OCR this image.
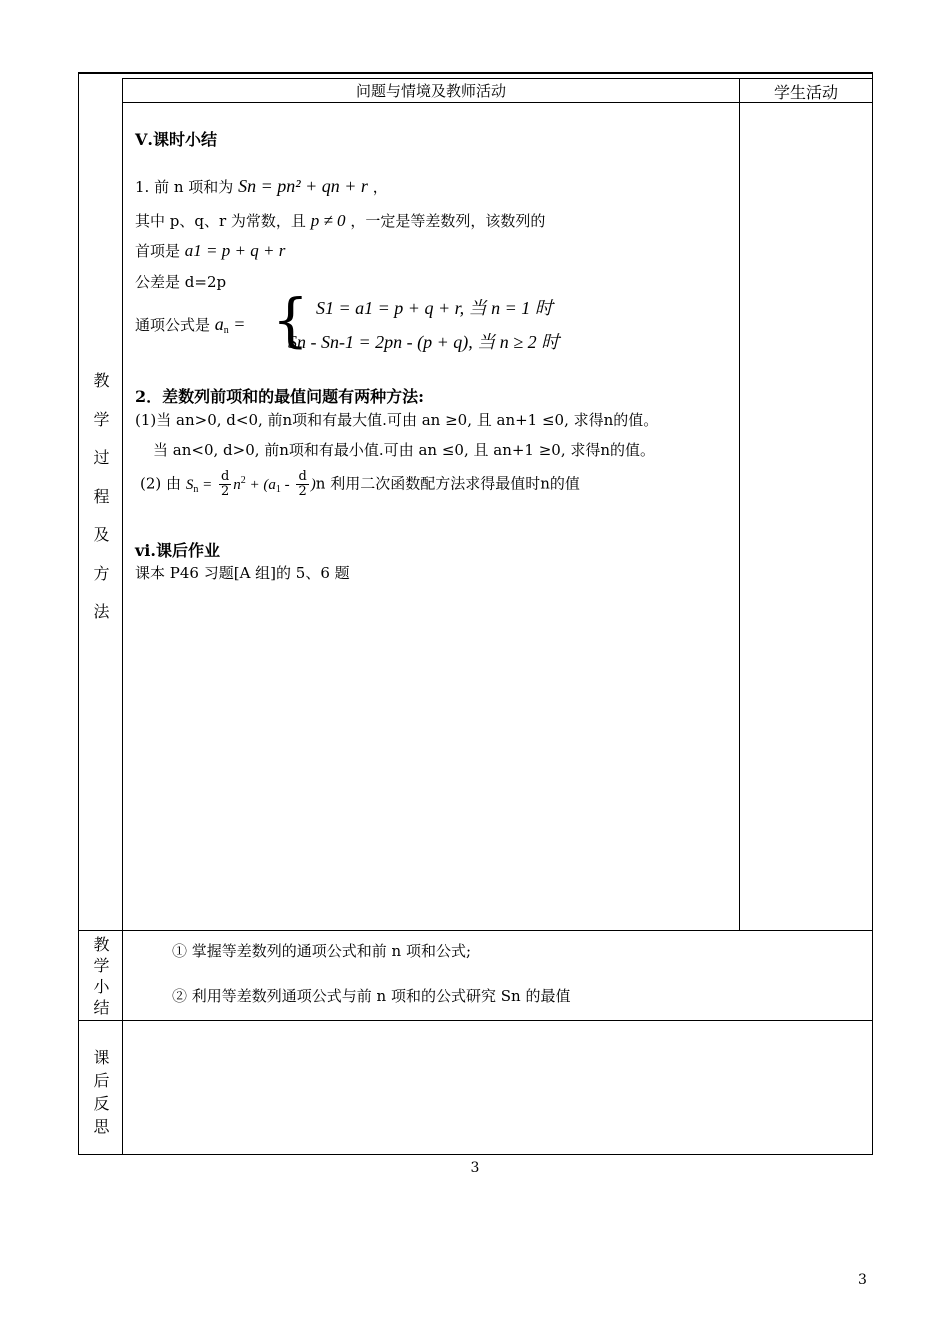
问题与情境及教师活动	学生活动
教
学
过
程
及
方
法
教
学
小
结
课
后
反
思
Ⅴ.课时小结
1. 前 n 项和为 Sn = pn² + qn + r ，
其中 p、q、r 为常数，且 p ≠ 0 ，一定是等差数列，该数列的
首项是 a1 = p + q + r
公差是 d=2p
通项公式是 $a_n$ = { S1 = a1 = p + q + r, 当 n = 1 时
Sn - Sn-1 = 2pn - (p + q), 当 n ≥ 2 时
2．差数列前项和的最值问题有两种方法:
(1)当 an>0, d<0, 前n项和有最大值.可由 an ≥0, 且 an+1 ≤0, 求得n的值。
当 an<0, d>0, 前n项和有最小值.可由 an ≤0, 且 an+1 ≥0, 求得n的值。
(2) 由 $S_n = \frac{d}{2} n^2 + (a_1 - \frac{d}{2} )n$ 利用二次函数配方法求得最值时n的值
ⅵ.课后作业
课本 P46 习题[A 组]的 5、6 题
① 掌握等差数列的通项公式和前 n 项和公式;
② 利用等差数列通项公式与前 n 项和的公式研究 Sn 的最值
3
3
